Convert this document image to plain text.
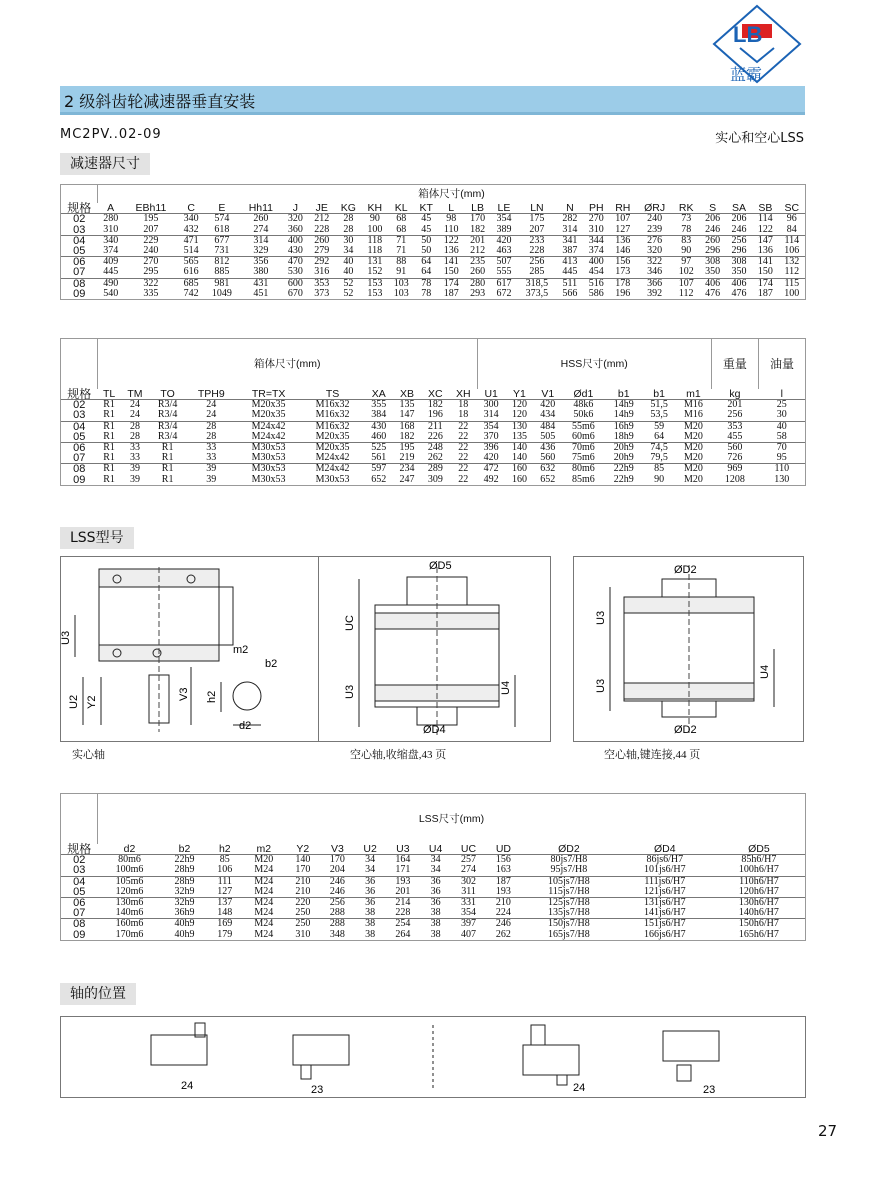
LB
蓝霸
2 级斜齿轮减速器垂直安装
MC2PV..02-09	实心和空心LSS
减速器尺寸
	箱体尺寸(mm)																							
规格	A	EBh11	C	E	Hh11	J	JE	KG	KH	KL	KT	L	LB	LE	LN	N	PH	RH	ØRJ	RK	S	SA	SB	SC
02	280	195	340	574	260	320	212	28	90	68	45	98	170	354	175	282	270	107	240	73	206	206	114	96
03	310	207	432	618	274	360	228	28	100	68	45	110	182	389	207	314	310	127	239	78	246	246	122	84
04	340	229	471	677	314	400	260	30	118	71	50	122	201	420	233	341	344	136	276	83	260	256	147	114
05	374	240	514	731	329	430	279	34	118	71	50	136	212	463	228	387	374	146	320	90	296	296	136	106
06	409	270	565	812	356	470	292	40	131	88	64	141	235	507	256	413	400	156	322	97	308	308	141	132
07	445	295	616	885	380	530	316	40	152	91	64	150	260	555	285	445	454	173	346	102	350	350	150	112
08	490	322	685	981	431	600	353	52	153	103	78	174	280	617	318,5	511	516	178	366	107	406	406	174	115
09	540	335	742	1049	451	670	373	52	153	103	78	187	293	672	373,5	566	586	196	392	112	476	476	187	100
	箱体尺寸(mm)										HSS尺寸(mm)							重量	油量
规格	TL	TM	TO	TPH9	TR=TX	TS	XA	XB	XC	XH	U1	Y1	V1	Ød1	b1	b1	m1	kg	l
02	R1	24	R3/4	24	M20x35	M16x32	355	135	182	18	300	120	420	48k6	14h9	51,5	M16	201	25
03	R1	24	R3/4	24	M20x35	M16x32	384	147	196	18	314	120	434	50k6	14h9	53,5	M16	256	30
04	R1	28	R3/4	28	M24x42	M16x32	430	168	211	22	354	130	484	55m6	16h9	59	M20	353	40
05	R1	28	R3/4	28	M24x42	M20x35	460	182	226	22	370	135	505	60m6	18h9	64	M20	455	58
06	R1	33	R1	33	M30x53	M20x35	525	195	248	22	396	140	436	70m6	20h9	74,5	M20	560	70
07	R1	33	R1	33	M30x53	M24x42	561	219	262	22	420	140	560	75m6	20h9	79,5	M20	726	95
08	R1	39	R1	39	M30x53	M24x42	597	234	289	22	472	160	632	80m6	22h9	85	M20	969	110
09	R1	39	R1	39	M30x53	M30x53	652	247	309	22	492	160	652	85m6	22h9	90	M20	1208	130
LSS型号
U3
m2
b2
U2 Y2
V3 h2
d2
实心轴
ØD5
UC
U3	U4
ØD4
空心轴,收缩盘,43 页
ØD2
U3
U4
U3
ØD2
空心轴,键连接,44 页
	LSS尺寸(mm)													
规格	d2	b2	h2	m2	Y2	V3	U2	U3	U4	UC	UD	ØD2	ØD4	ØD5
02	80m6	22h9	85	M20	140	170	34	164	34	257	156	80js7/H8	86js6/H7	85h6/H7
03	100m6	28h9	106	M24	170	204	34	171	34	274	163	95js7/H8	101js6/H7	100h6/H7
04	105m6	28h9	111	M24	210	246	36	193	36	302	187	105js7/H8	111js6/H7	110h6/H7
05	120m6	32h9	127	M24	210	246	36	201	36	311	193	115js7/H8	121js6/H7	120h6/H7
06	130m6	32h9	137	M24	220	256	36	214	36	331	210	125js7/H8	131js6/H7	130h6/H7
07	140m6	36h9	148	M24	250	288	38	228	38	354	224	135js7/H8	141js6/H7	140h6/H7
08	160m6	40h9	169	M24	250	288	38	254	38	397	246	150js7/H8	151js6/H7	150h6/H7
09	170m6	40h9	179	M24	310	348	38	264	38	407	262	165js7/H8	166js6/H7	165h6/H7
轴的位置
24	23	24	23
27
